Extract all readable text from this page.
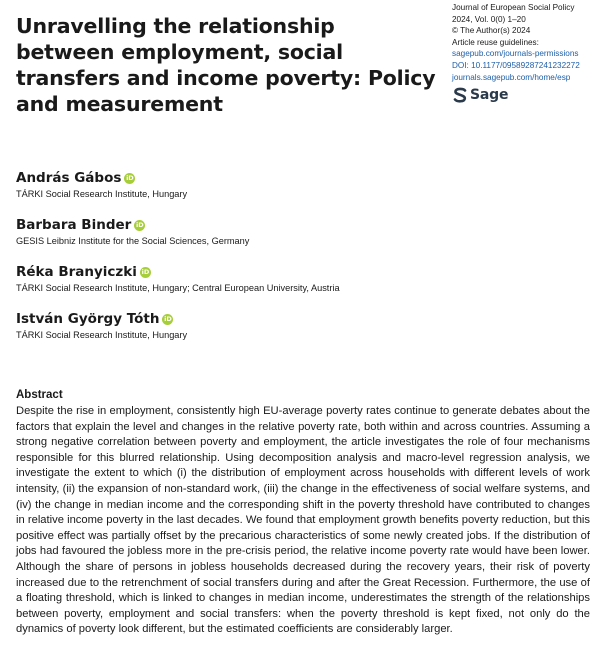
Unravelling the relationship between employment, social transfers and income poverty: Policy and measurement
Journal of European Social Policy
2024, Vol. 0(0) 1–20
© The Author(s) 2024
Article reuse guidelines:
sagepub.com/journals-permissions
DOI: 10.1177/09589287241232272
journals.sagepub.com/home/esp
Sage
András Gábos iD
TÁRKI Social Research Institute, Hungary
Barbara Binder iD
GESIS Leibniz Institute for the Social Sciences, Germany
Réka Branyiczki iD
TÁRKI Social Research Institute, Hungary; Central European University, Austria
István György Tóth iD
TÁRKI Social Research Institute, Hungary
Abstract

Despite the rise in employment, consistently high EU-average poverty rates continue to generate debates about the factors that explain the level and changes in the relative poverty rate, both within and across countries. Assuming a strong negative correlation between poverty and employment, the article investigates the role of four mechanisms responsible for this blurred relationship. Using decomposition analysis and macro-level regression analysis, we investigate the extent to which (i) the distribution of employment across households with different levels of work intensity, (ii) the expansion of non-standard work, (iii) the change in the effectiveness of social welfare systems, and (iv) the change in median income and the corresponding shift in the poverty threshold have contributed to changes in relative income poverty in the last decades. We found that employment growth benefits poverty reduction, but this positive effect was partially offset by the precarious characteristics of some newly created jobs. If the distribution of jobs had favoured the jobless more in the pre-crisis period, the relative income poverty rate would have been lower. Although the share of persons in jobless households decreased during the recovery years, their risk of poverty increased due to the retrenchment of social transfers during and after the Great Recession. Furthermore, the use of a floating threshold, which is linked to changes in median income, underestimates the strength of the relationships between poverty, employment and social transfers: when the poverty threshold is kept fixed, not only do the dynamics of poverty look different, but the estimated coefficients are considerably larger.
